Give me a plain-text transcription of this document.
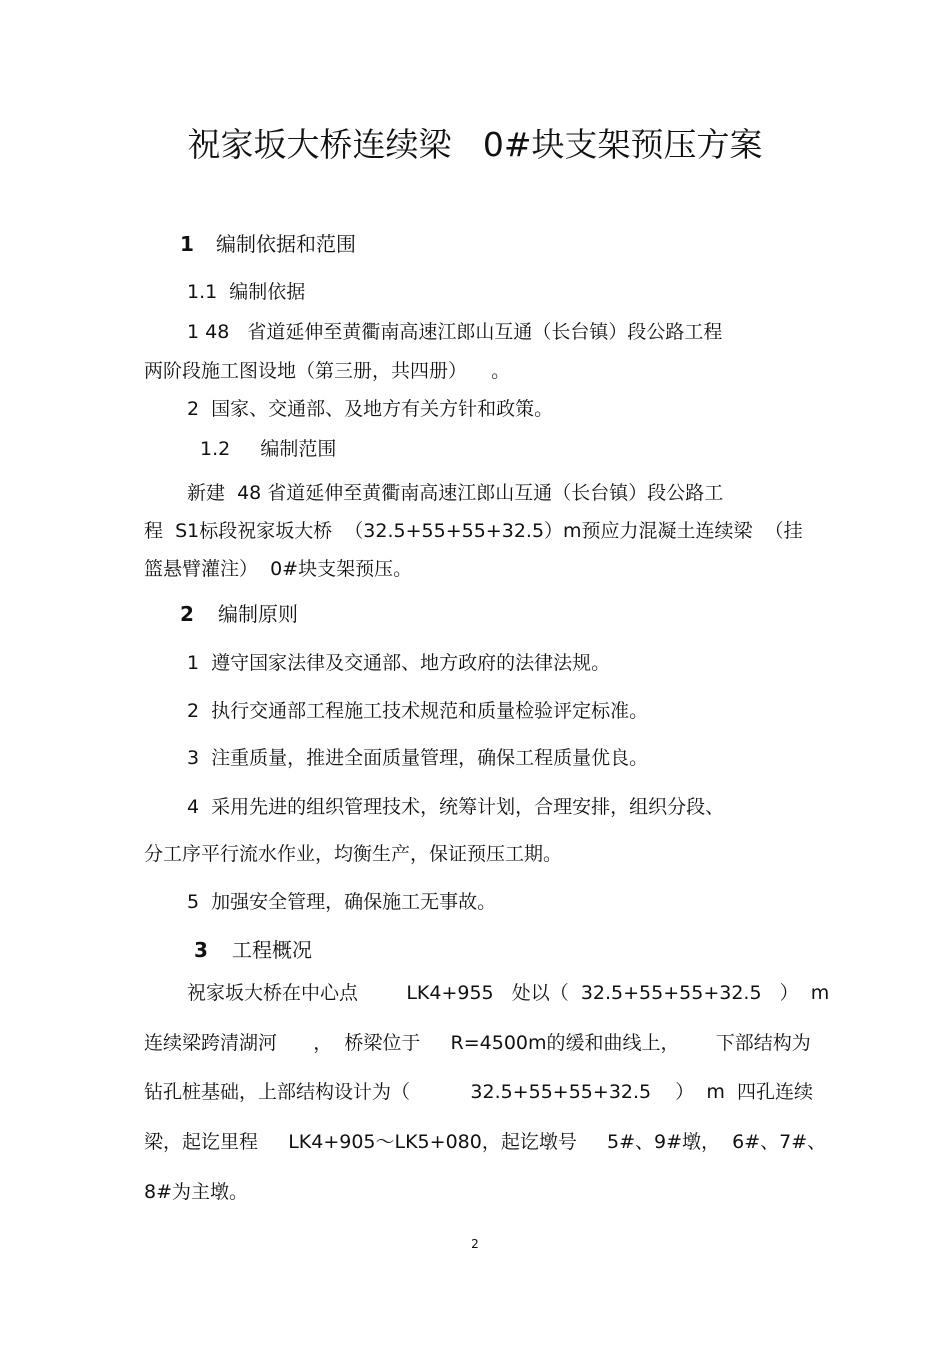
祝家坂大桥连续梁   0#块支架预压方案
1 编制依据和范围
1.1  编制依据
1 48   省道延伸至黄衢南高速江郎山互通（长台镇）段公路工程
两阶段施工图设地（第三册，共四册）    。
2  国家、交通部、及地方有关方针和政策。
1.2     编制范围
新建  48 省道延伸至黄衢南高速江郎山互通（长台镇）段公路工
程  S1标段祝家坂大桥  （32.5+55+55+32.5）m预应力混凝土连续梁  （挂
篮悬臂灌注）  0#块支架预压。
2 编制原则
1  遵守国家法律及交通部、地方政府的法律法规。
2  执行交通部工程施工技术规范和质量检验评定标准。
3  注重质量，推进全面质量管理，确保工程质量优良。
4  采用先进的组织管理技术，统筹计划，合理安排，组织分段、
分工序平行流水作业，均衡生产，保证预压工期。
5  加强安全管理，确保施工无事故。
3 工程概况
祝家坂大桥在中心点        LK4+955   处以（  32.5+55+55+32.5   ）  m
连续梁跨清湖河      ，  桥梁位于     R=4500m的缓和曲线上，      下部结构为
钻孔桩基础，上部结构设计为（          32.5+55+55+32.5    ）  m  四孔连续
梁，起讫里程     LK4+905～LK5+080，起讫墩号     5#、9#墩，  6#、7#、
8#为主墩。
2
